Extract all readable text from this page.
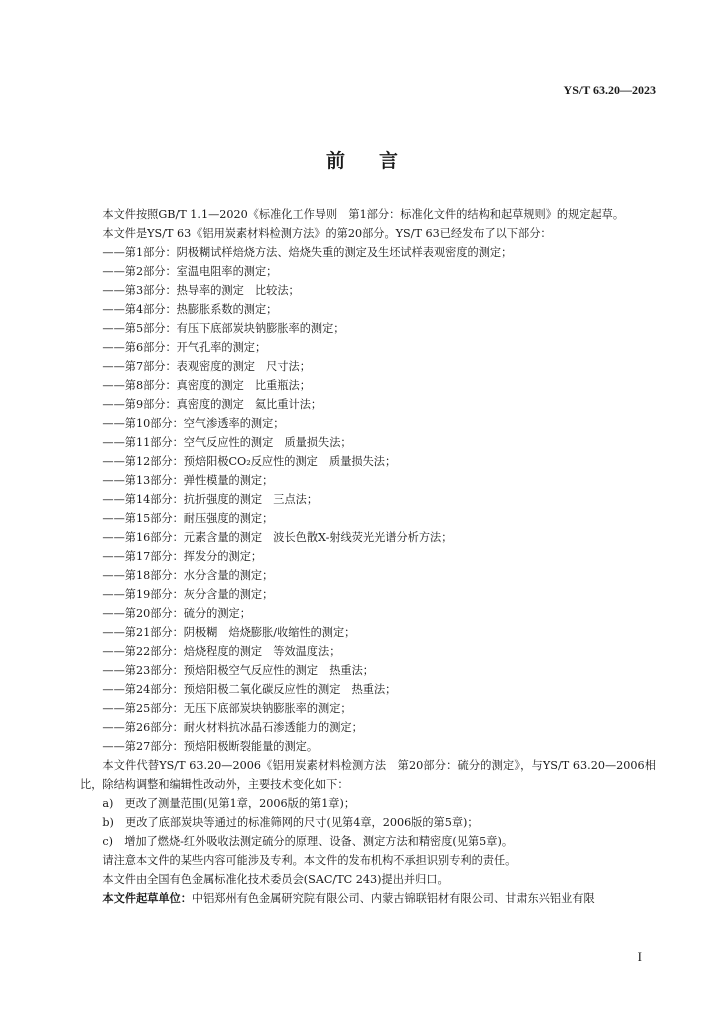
YS/T 63.20—2023
前言

本文件按照GB/T 1.1—2020《标准化工作导则　第1部分：标准化文件的结构和起草规则》的规定起草。

本文件是YS/T 63《铝用炭素材料检测方法》的第20部分。YS/T 63已经发布了以下部分：

——第1部分：阴极糊试样焙烧方法、焙烧失重的测定及生坯试样表观密度的测定；

——第2部分：室温电阻率的测定；

——第3部分：热导率的测定　比较法；

——第4部分：热膨胀系数的测定；

——第5部分：有压下底部炭块钠膨胀率的测定；

——第6部分：开气孔率的测定；

——第7部分：表观密度的测定　尺寸法；

——第8部分：真密度的测定　比重瓶法；

——第9部分：真密度的测定　氦比重计法；

——第10部分：空气渗透率的测定；

——第11部分：空气反应性的测定　质量损失法；

——第12部分：预焙阳极CO₂反应性的测定　质量损失法；

——第13部分：弹性模量的测定；

——第14部分：抗折强度的测定　三点法；

——第15部分：耐压强度的测定；

——第16部分：元素含量的测定　波长色散X-射线荧光光谱分析方法；

——第17部分：挥发分的测定；

——第18部分：水分含量的测定；

——第19部分：灰分含量的测定；

——第20部分：硫分的测定；

——第21部分：阴极糊　焙烧膨胀/收缩性的测定；

——第22部分：焙烧程度的测定　等效温度法；

——第23部分：预焙阳极空气反应性的测定　热重法；

——第24部分：预焙阳极二氧化碳反应性的测定　热重法；

——第25部分：无压下底部炭块钠膨胀率的测定；

——第26部分：耐火材料抗冰晶石渗透能力的测定；

——第27部分：预焙阳极断裂能量的测定。

本文件代替YS/T 63.20—2006《铝用炭素材料检测方法　第20部分：硫分的测定》，与YS/T 63.20—2006相比，除结构调整和编辑性改动外，主要技术变化如下：

a)　更改了测量范围(见第1章，2006版的第1章)；

b)　更改了底部炭块等通过的标准筛网的尺寸(见第4章，2006版的第5章)；

c)　增加了燃烧-红外吸收法测定硫分的原理、设备、测定方法和精密度(见第5章)。

请注意本文件的某些内容可能涉及专利。本文件的发布机构不承担识别专利的责任。

本文件由全国有色金属标准化技术委员会(SAC/TC 243)提出并归口。

本文件起草单位：中铝郑州有色金属研究院有限公司、内蒙古锦联铝材有限公司、甘肃东兴铝业有限

I
